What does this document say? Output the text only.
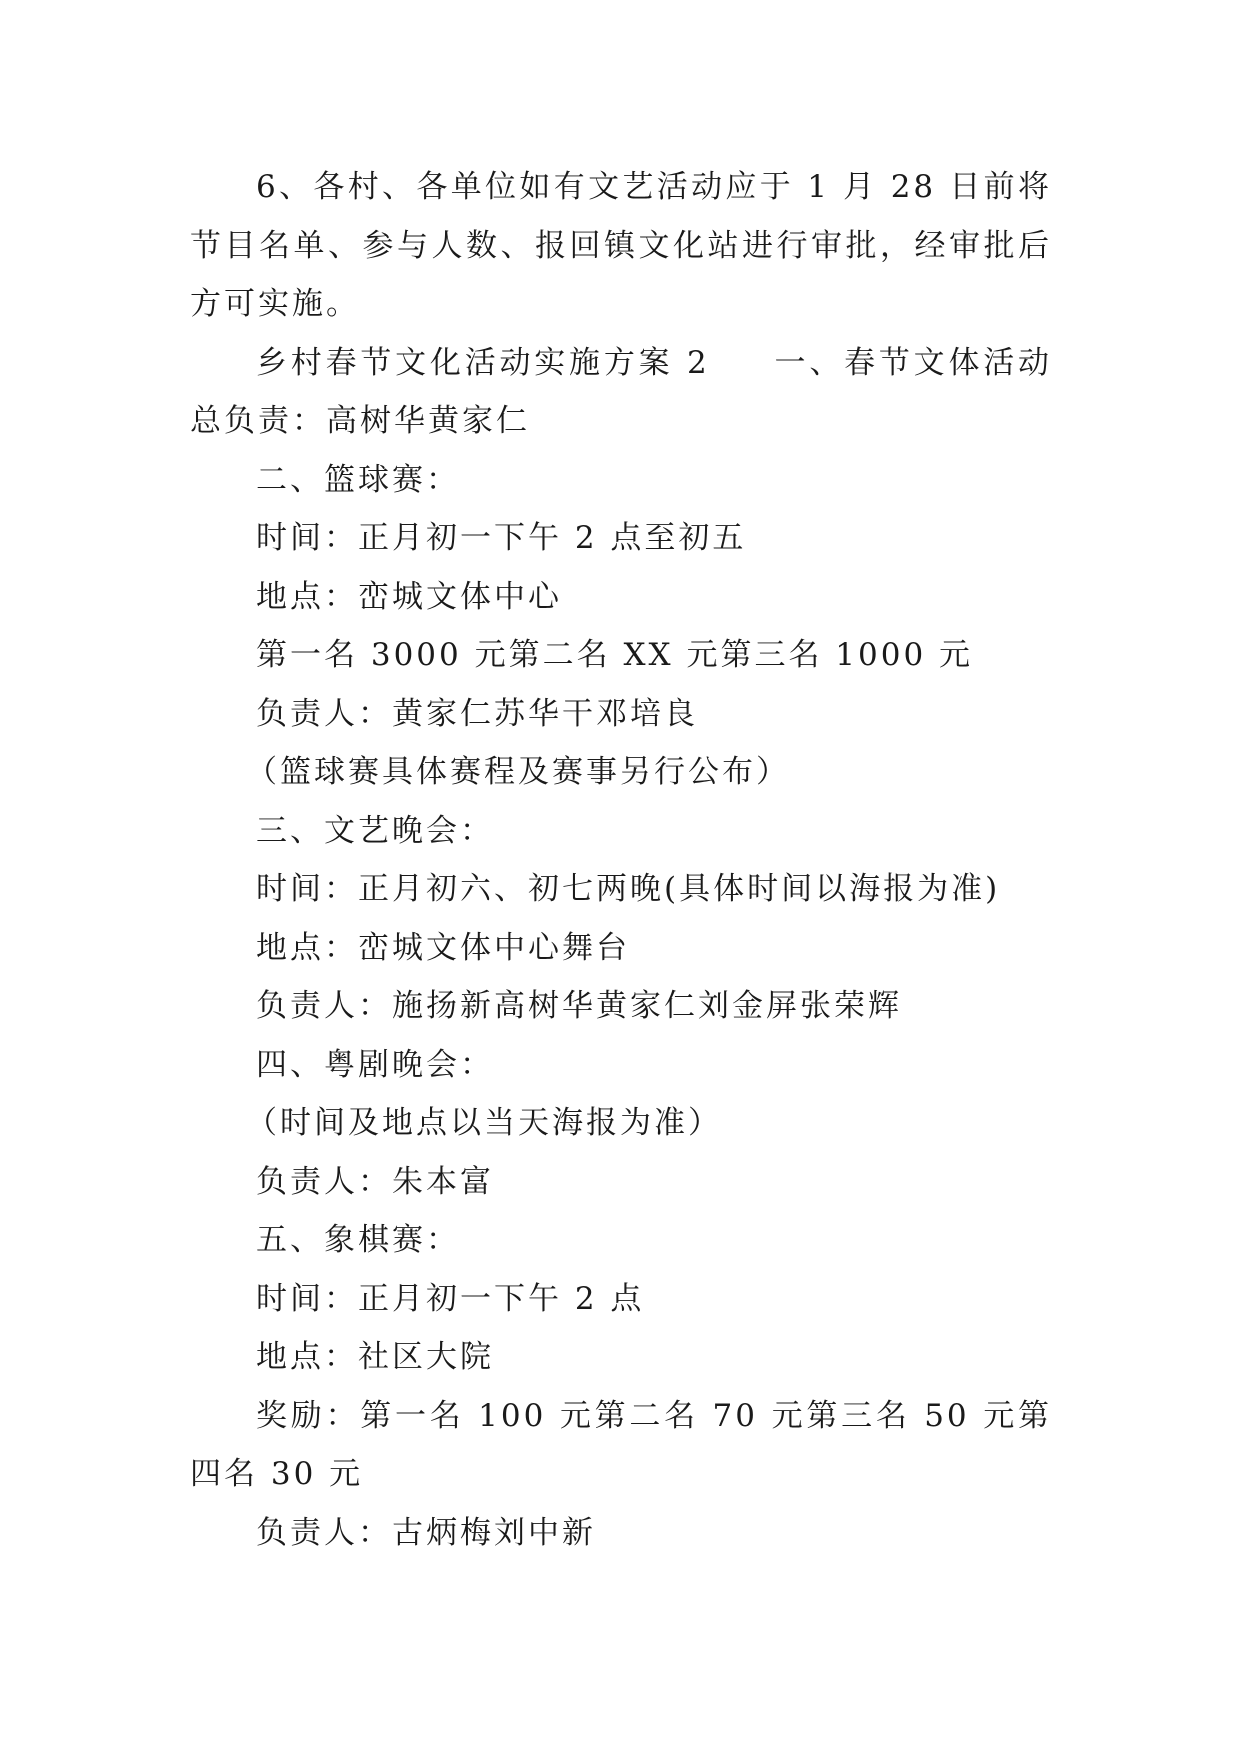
6、各村、各单位如有文艺活动应于 1 月 28 日前将节目名单、参与人数、报回镇文化站进行审批，经审批后方可实施。

乡村春节文化活动实施方案 2 一、春节文体活动总负责：高树华黄家仁

二、篮球赛：

时间：正月初一下午 2 点至初五

地点：峦城文体中心

第一名 3000 元第二名 XX 元第三名 1000 元

负责人：黄家仁苏华干邓培良

（篮球赛具体赛程及赛事另行公布）

三、文艺晚会：

时间：正月初六、初七两晚(具体时间以海报为准)

地点：峦城文体中心舞台

负责人：施扬新高树华黄家仁刘金屏张荣辉

四、粤剧晚会：

（时间及地点以当天海报为准）

负责人：朱本富

五、象棋赛：

时间：正月初一下午 2 点

地点：社区大院

奖励：第一名 100 元第二名 70 元第三名 50 元第四名 30 元

负责人：古炳梅刘中新
